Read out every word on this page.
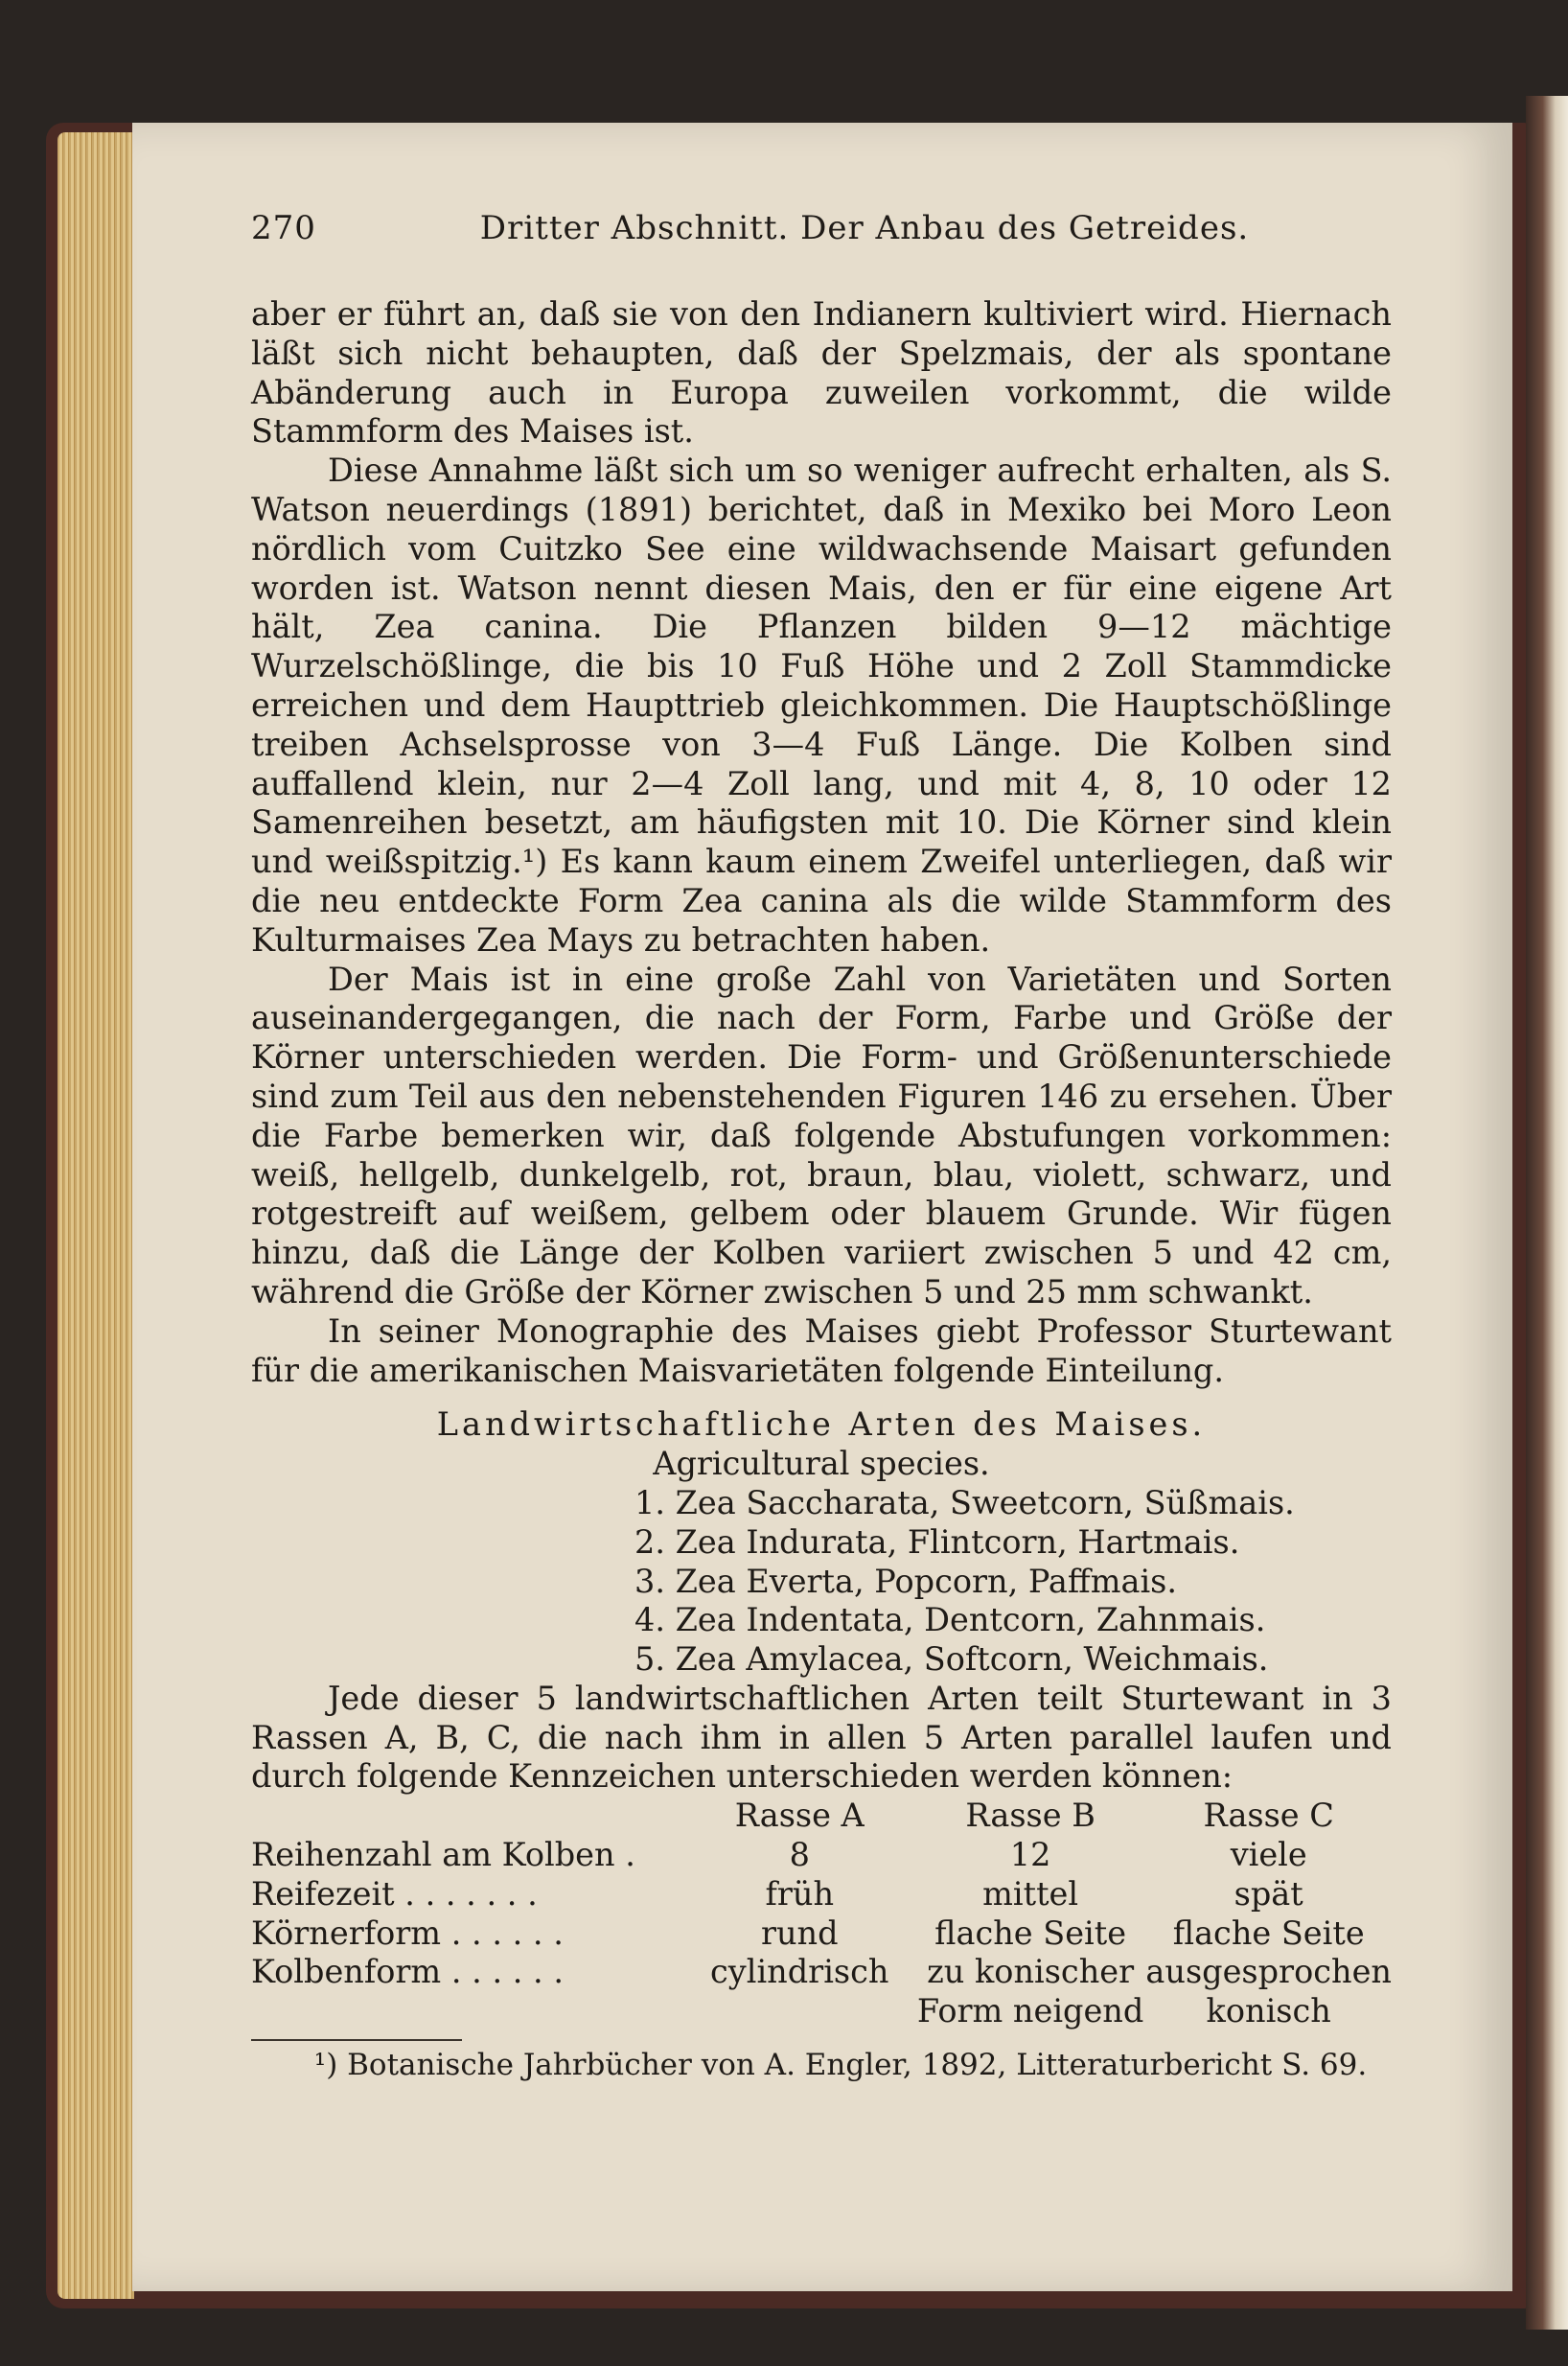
270	Dritter Abschnitt. Der Anbau des Getreides.

aber er führt an, daß sie von den Indianern kultiviert wird. Hiernach läßt sich nicht behaupten, daß der Spelzmais, der als spontane Abänderung auch in Europa zuweilen vorkommt, die wilde Stammform des Maises ist.

Diese Annahme läßt sich um so weniger aufrecht erhalten, als S. Watson neuerdings (1891) berichtet, daß in Mexiko bei Moro Leon nördlich vom Cuitzko See eine wildwachsende Maisart gefunden worden ist. Watson nennt diesen Mais, den er für eine eigene Art hält, Zea canina. Die Pflanzen bilden 9—12 mächtige Wurzelschößlinge, die bis 10 Fuß Höhe und 2 Zoll Stammdicke erreichen und dem Haupttrieb gleichkommen. Die Hauptschößlinge treiben Achselsprosse von 3—4 Fuß Länge. Die Kolben sind auffallend klein, nur 2—4 Zoll lang, und mit 4, 8, 10 oder 12 Samenreihen besetzt, am häufigsten mit 10. Die Körner sind klein und weißspitzig.¹) Es kann kaum einem Zweifel unterliegen, daß wir die neu entdeckte Form Zea canina als die wilde Stammform des Kulturmaises Zea Mays zu betrachten haben.

Der Mais ist in eine große Zahl von Varietäten und Sorten auseinandergegangen, die nach der Form, Farbe und Größe der Körner unterschieden werden. Die Form- und Größenunterschiede sind zum Teil aus den nebenstehenden Figuren 146 zu ersehen. Über die Farbe bemerken wir, daß folgende Abstufungen vorkommen: weiß, hellgelb, dunkelgelb, rot, braun, blau, violett, schwarz, und rotgestreift auf weißem, gelbem oder blauem Grunde. Wir fügen hinzu, daß die Länge der Kolben variiert zwischen 5 und 42 cm, während die Größe der Körner zwischen 5 und 25 mm schwankt.

In seiner Monographie des Maises giebt Professor Sturtewant für die amerikanischen Maisvarietäten folgende Einteilung.

Landwirtschaftliche Arten des Maises.

Agricultural species.

1. Zea Saccharata, Sweetcorn, Süßmais.
2. Zea Indurata, Flintcorn, Hartmais.
3. Zea Everta, Popcorn, Paffmais.
4. Zea Indentata, Dentcorn, Zahnmais.
5. Zea Amylacea, Softcorn, Weichmais.

Jede dieser 5 landwirtschaftlichen Arten teilt Sturtewant in 3 Rassen A, B, C, die nach ihm in allen 5 Arten parallel laufen und durch folgende Kennzeichen unterschieden werden können:

	Rasse A	Rasse B	Rasse C
Reihenzahl am Kolben .	8	12	viele
Reifezeit . . . . . . .	früh	mittel	spät
Körnerform . . . . . .	rund	flache Seite	flache Seite
Kolbenform . . . . . .	cylindrisch	zu konischer Form neigend	ausgesprochen konisch

¹) Botanische Jahrbücher von A. Engler, 1892, Litteraturbericht S. 69.
